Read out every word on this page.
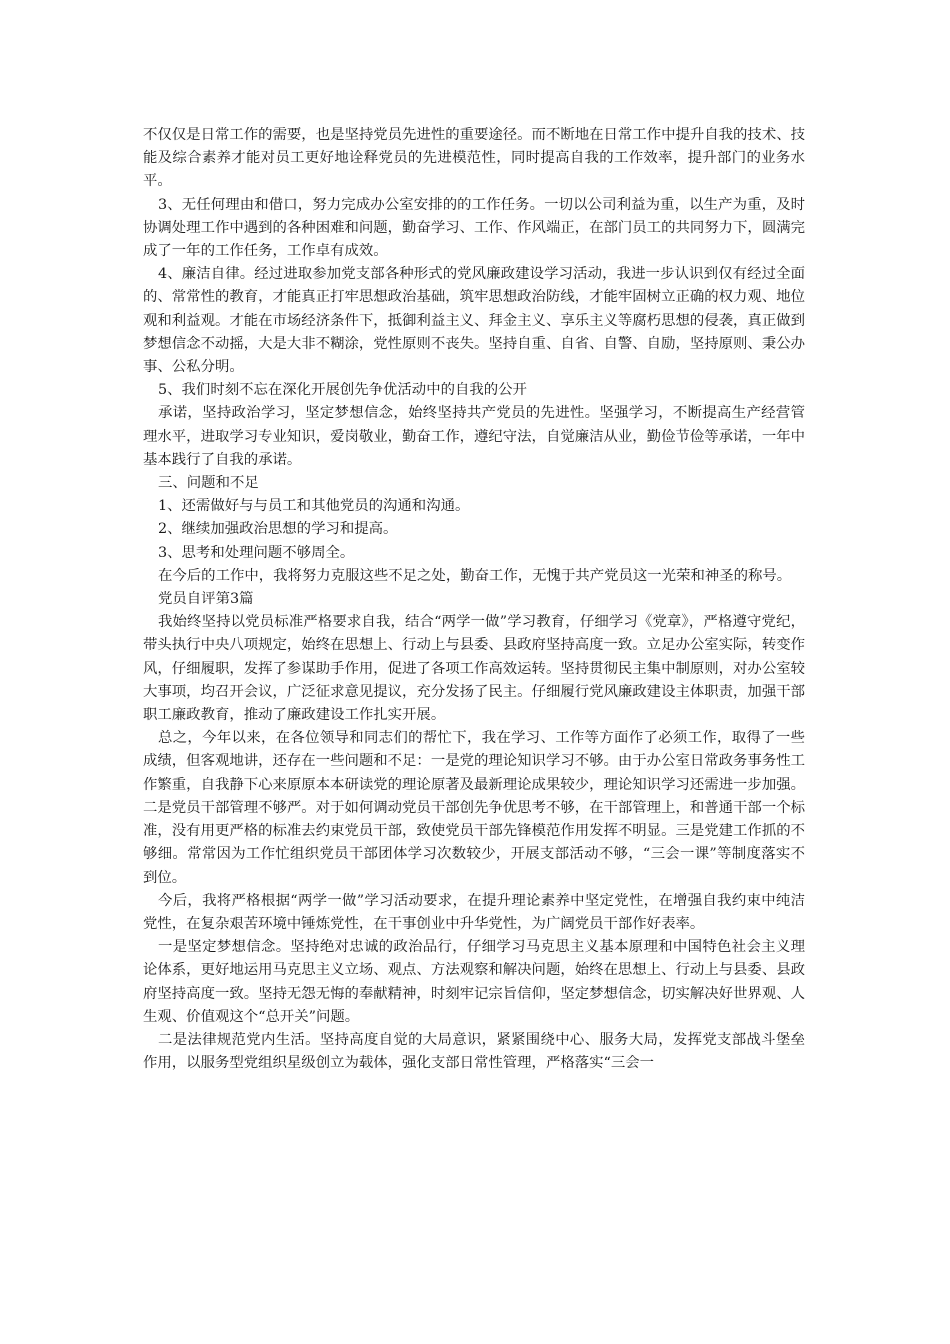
不仅仅是日常工作的需要，也是坚持党员先进性的重要途径。而不断地在日常工作中提升自我的技术、技能及综合素养才能对员工更好地诠释党员的先进模范性，同时提高自我的工作效率，提升部门的业务水平。

3、无任何理由和借口，努力完成办公室安排的的工作任务。一切以公司利益为重，以生产为重，及时协调处理工作中遇到的各种困难和问题，勤奋学习、工作、作风端正，在部门员工的共同努力下，圆满完成了一年的工作任务，工作卓有成效。

4、廉洁自律。经过进取参加党支部各种形式的党风廉政建设学习活动，我进一步认识到仅有经过全面的、常常性的教育，才能真正打牢思想政治基础，筑牢思想政治防线，才能牢固树立正确的权力观、地位观和利益观。才能在市场经济条件下，抵御利益主义、拜金主义、享乐主义等腐朽思想的侵袭，真正做到梦想信念不动摇，大是大非不糊涂，党性原则不丧失。坚持自重、自省、自警、自励，坚持原则、秉公办事、公私分明。

5、我们时刻不忘在深化开展创先争优活动中的自我的公开

承诺，坚持政治学习，坚定梦想信念，始终坚持共产党员的先进性。坚强学习，不断提高生产经营管理水平，进取学习专业知识，爱岗敬业，勤奋工作，遵纪守法，自觉廉洁从业，勤俭节俭等承诺，一年中基本践行了自我的承诺。

三、问题和不足

1、还需做好与与员工和其他党员的沟通和沟通。

2、继续加强政治思想的学习和提高。

3、思考和处理问题不够周全。

在今后的工作中，我将努力克服这些不足之处，勤奋工作，无愧于共产党员这一光荣和神圣的称号。

党员自评第3篇

我始终坚持以党员标准严格要求自我，结合“两学一做”学习教育，仔细学习《党章》，严格遵守党纪，带头执行中央八项规定，始终在思想上、行动上与县委、县政府坚持高度一致。立足办公室实际，转变作风，仔细履职，发挥了参谋助手作用，促进了各项工作高效运转。坚持贯彻民主集中制原则，对办公室较大事项，均召开会议，广泛征求意见提议，充分发扬了民主。仔细履行党风廉政建设主体职责，加强干部职工廉政教育，推动了廉政建设工作扎实开展。

总之，今年以来，在各位领导和同志们的帮忙下，我在学习、工作等方面作了必须工作，取得了一些成绩，但客观地讲，还存在一些问题和不足：一是党的理论知识学习不够。由于办公室日常政务事务性工作繁重，自我静下心来原原本本研读党的理论原著及最新理论成果较少，理论知识学习还需进一步加强。二是党员干部管理不够严。对于如何调动党员干部创先争优思考不够，在干部管理上，和普通干部一个标准，没有用更严格的标准去约束党员干部，致使党员干部先锋模范作用发挥不明显。三是党建工作抓的不够细。常常因为工作忙组织党员干部团体学习次数较少，开展支部活动不够，“三会一课”等制度落实不到位。

今后，我将严格根据“两学一做”学习活动要求，在提升理论素养中坚定党性，在增强自我约束中纯洁党性，在复杂艰苦环境中锤炼党性，在干事创业中升华党性，为广阔党员干部作好表率。

一是坚定梦想信念。坚持绝对忠诚的政治品行，仔细学习马克思主义基本原理和中国特色社会主义理论体系，更好地运用马克思主义立场、观点、方法观察和解决问题，始终在思想上、行动上与县委、县政府坚持高度一致。坚持无怨无悔的奉献精神，时刻牢记宗旨信仰，坚定梦想信念，切实解决好世界观、人生观、价值观这个“总开关”问题。

二是法律规范党内生活。坚持高度自觉的大局意识，紧紧围绕中心、服务大局，发挥党支部战斗堡垒作用，以服务型党组织星级创立为载体，强化支部日常性管理，严格落实“三会一
